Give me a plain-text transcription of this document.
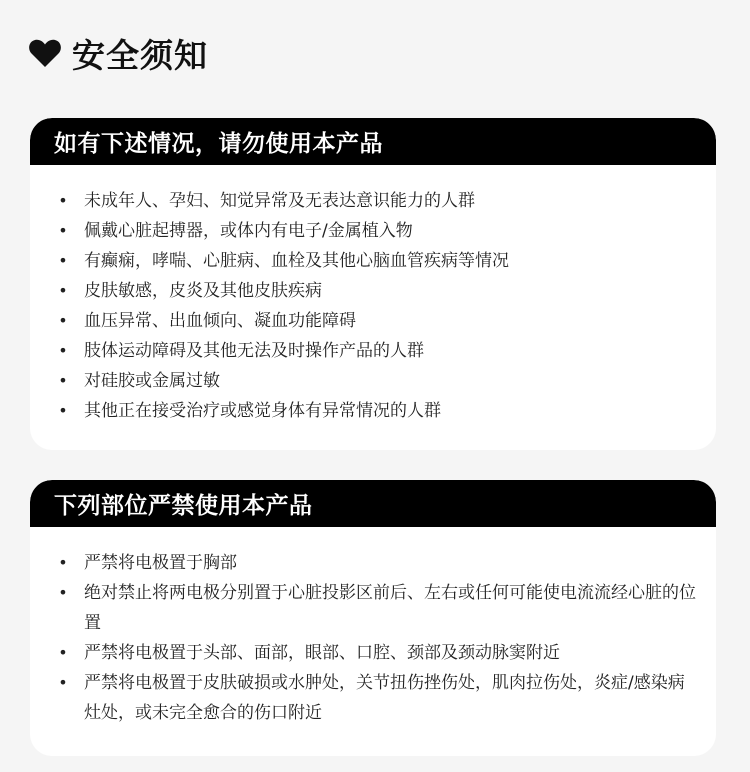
安全须知
如有下述情况，请勿使用本产品
• 未成年人、孕妇、知觉异常及无表达意识能力的人群
• 佩戴心脏起搏器，或体内有电子/金属植入物
• 有癫痫，哮喘、心脏病、血栓及其他心脑血管疾病等情况
• 皮肤敏感，皮炎及其他皮肤疾病
• 血压异常、出血倾向、凝血功能障碍
• 肢体运动障碍及其他无法及时操作产品的人群
• 对硅胶或金属过敏
• 其他正在接受治疗或感觉身体有异常情况的人群
下列部位严禁使用本产品
• 严禁将电极置于胸部
• 绝对禁止将两电极分别置于心脏投影区前后、左右或任何可能使电流流经心脏的位置
• 严禁将电极置于头部、面部，眼部、口腔、颈部及颈动脉窦附近
• 严禁将电极置于皮肤破损或水肿处，关节扭伤挫伤处，肌肉拉伤处，炎症/感染病灶处，或未完全愈合的伤口附近
